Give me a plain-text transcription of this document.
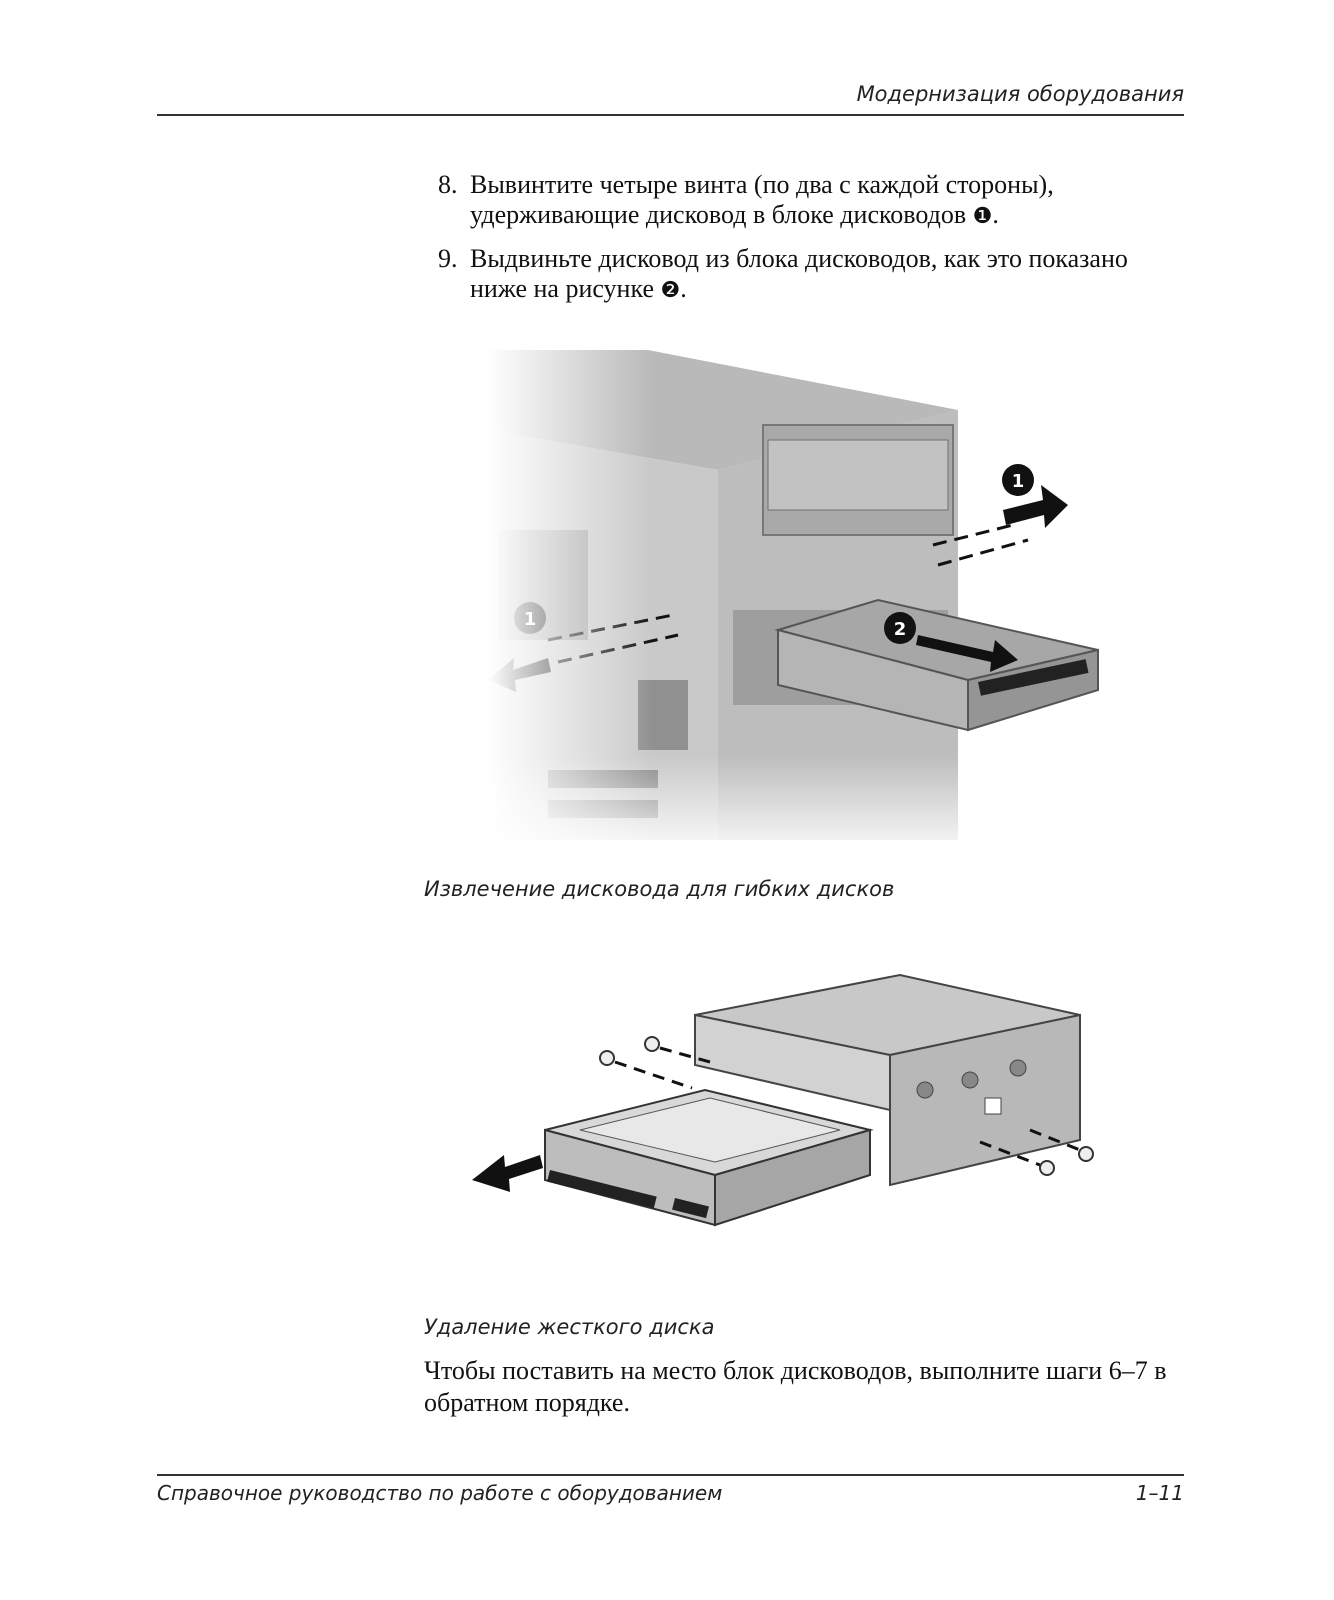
Модернизация оборудования
8. Вывинтите четыре винта (по два с каждой стороны), удерживающие дисковод в блоке дисководов ❶.
9. Выдвиньте дисковод из блока дисководов, как это показано ниже на рисунке ❷.
Извлечение дисковода для гибких дисков
Удаление жесткого диска
Чтобы поставить на место блок дисководов, выполните шаги 6–7 в обратном порядке.
Справочное руководство по работе с оборудованием	1–11
